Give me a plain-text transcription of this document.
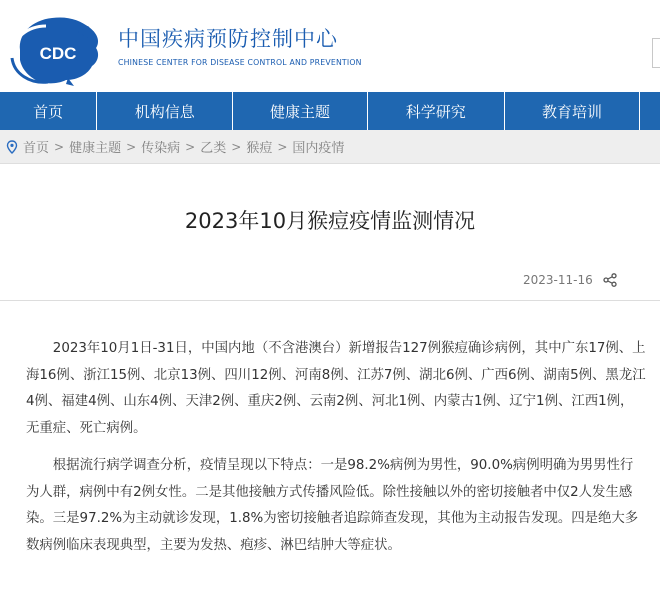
CDC
中国疾病预防控制中心
CHINESE CENTER FOR DISEASE CONTROL AND PREVENTION
首页	机构信息	健康主题	科学研究	教育培训
首页 > 健康主题 > 传染病 > 乙类 > 猴痘 > 国内疫情
2023年10月猴痘疫情监测情况
2023-11-16

2023年10月1日-31日，中国内地（不含港澳台）新增报告127例猴痘确诊病例，其中广东17例、上海16例、浙江15例、北京13例、四川12例、河南8例、江苏7例、湖北6例、广西6例、湖南5例、黑龙江4例、福建4例、山东4例、天津2例、重庆2例、云南2例、河北1例、内蒙古1例、辽宁1例、江西1例，无重症、死亡病例。

根据流行病学调查分析，疫情呈现以下特点：一是98.2%病例为男性，90.0%病例明确为男男性行为人群，病例中有2例女性。二是其他接触方式传播风险低。除性接触以外的密切接触者中仅2人发生感染。三是97.2%为主动就诊发现，1.8%为密切接触者追踪筛查发现，其他为主动报告发现。四是绝大多数病例临床表现典型，主要为发热、疱疹、淋巴结肿大等症状。
